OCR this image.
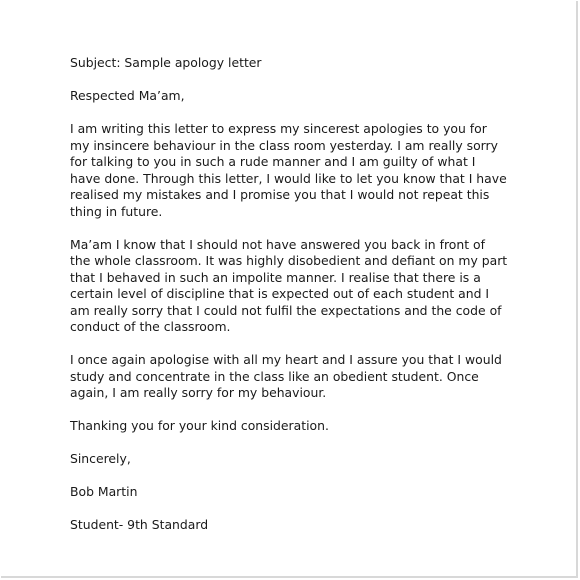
Subject: Sample apology letter

Respected Ma’am,

I am writing this letter to express my sincerest apologies to you for

my insincere behaviour in the class room yesterday. I am really sorry

for talking to you in such a rude manner and I am guilty of what I

have done. Through this letter, I would like to let you know that I have

realised my mistakes and I promise you that I would not repeat this

thing in future.

Ma’am I know that I should not have answered you back in front of

the whole classroom. It was highly disobedient and defiant on my part

that I behaved in such an impolite manner. I realise that there is a

certain level of discipline that is expected out of each student and I

am really sorry that I could not fulfil the expectations and the code of

conduct of the classroom.

I once again apologise with all my heart and I assure you that I would

study and concentrate in the class like an obedient student. Once

again, I am really sorry for my behaviour.

Thanking you for your kind consideration.

Sincerely,

Bob Martin

Student- 9th Standard
